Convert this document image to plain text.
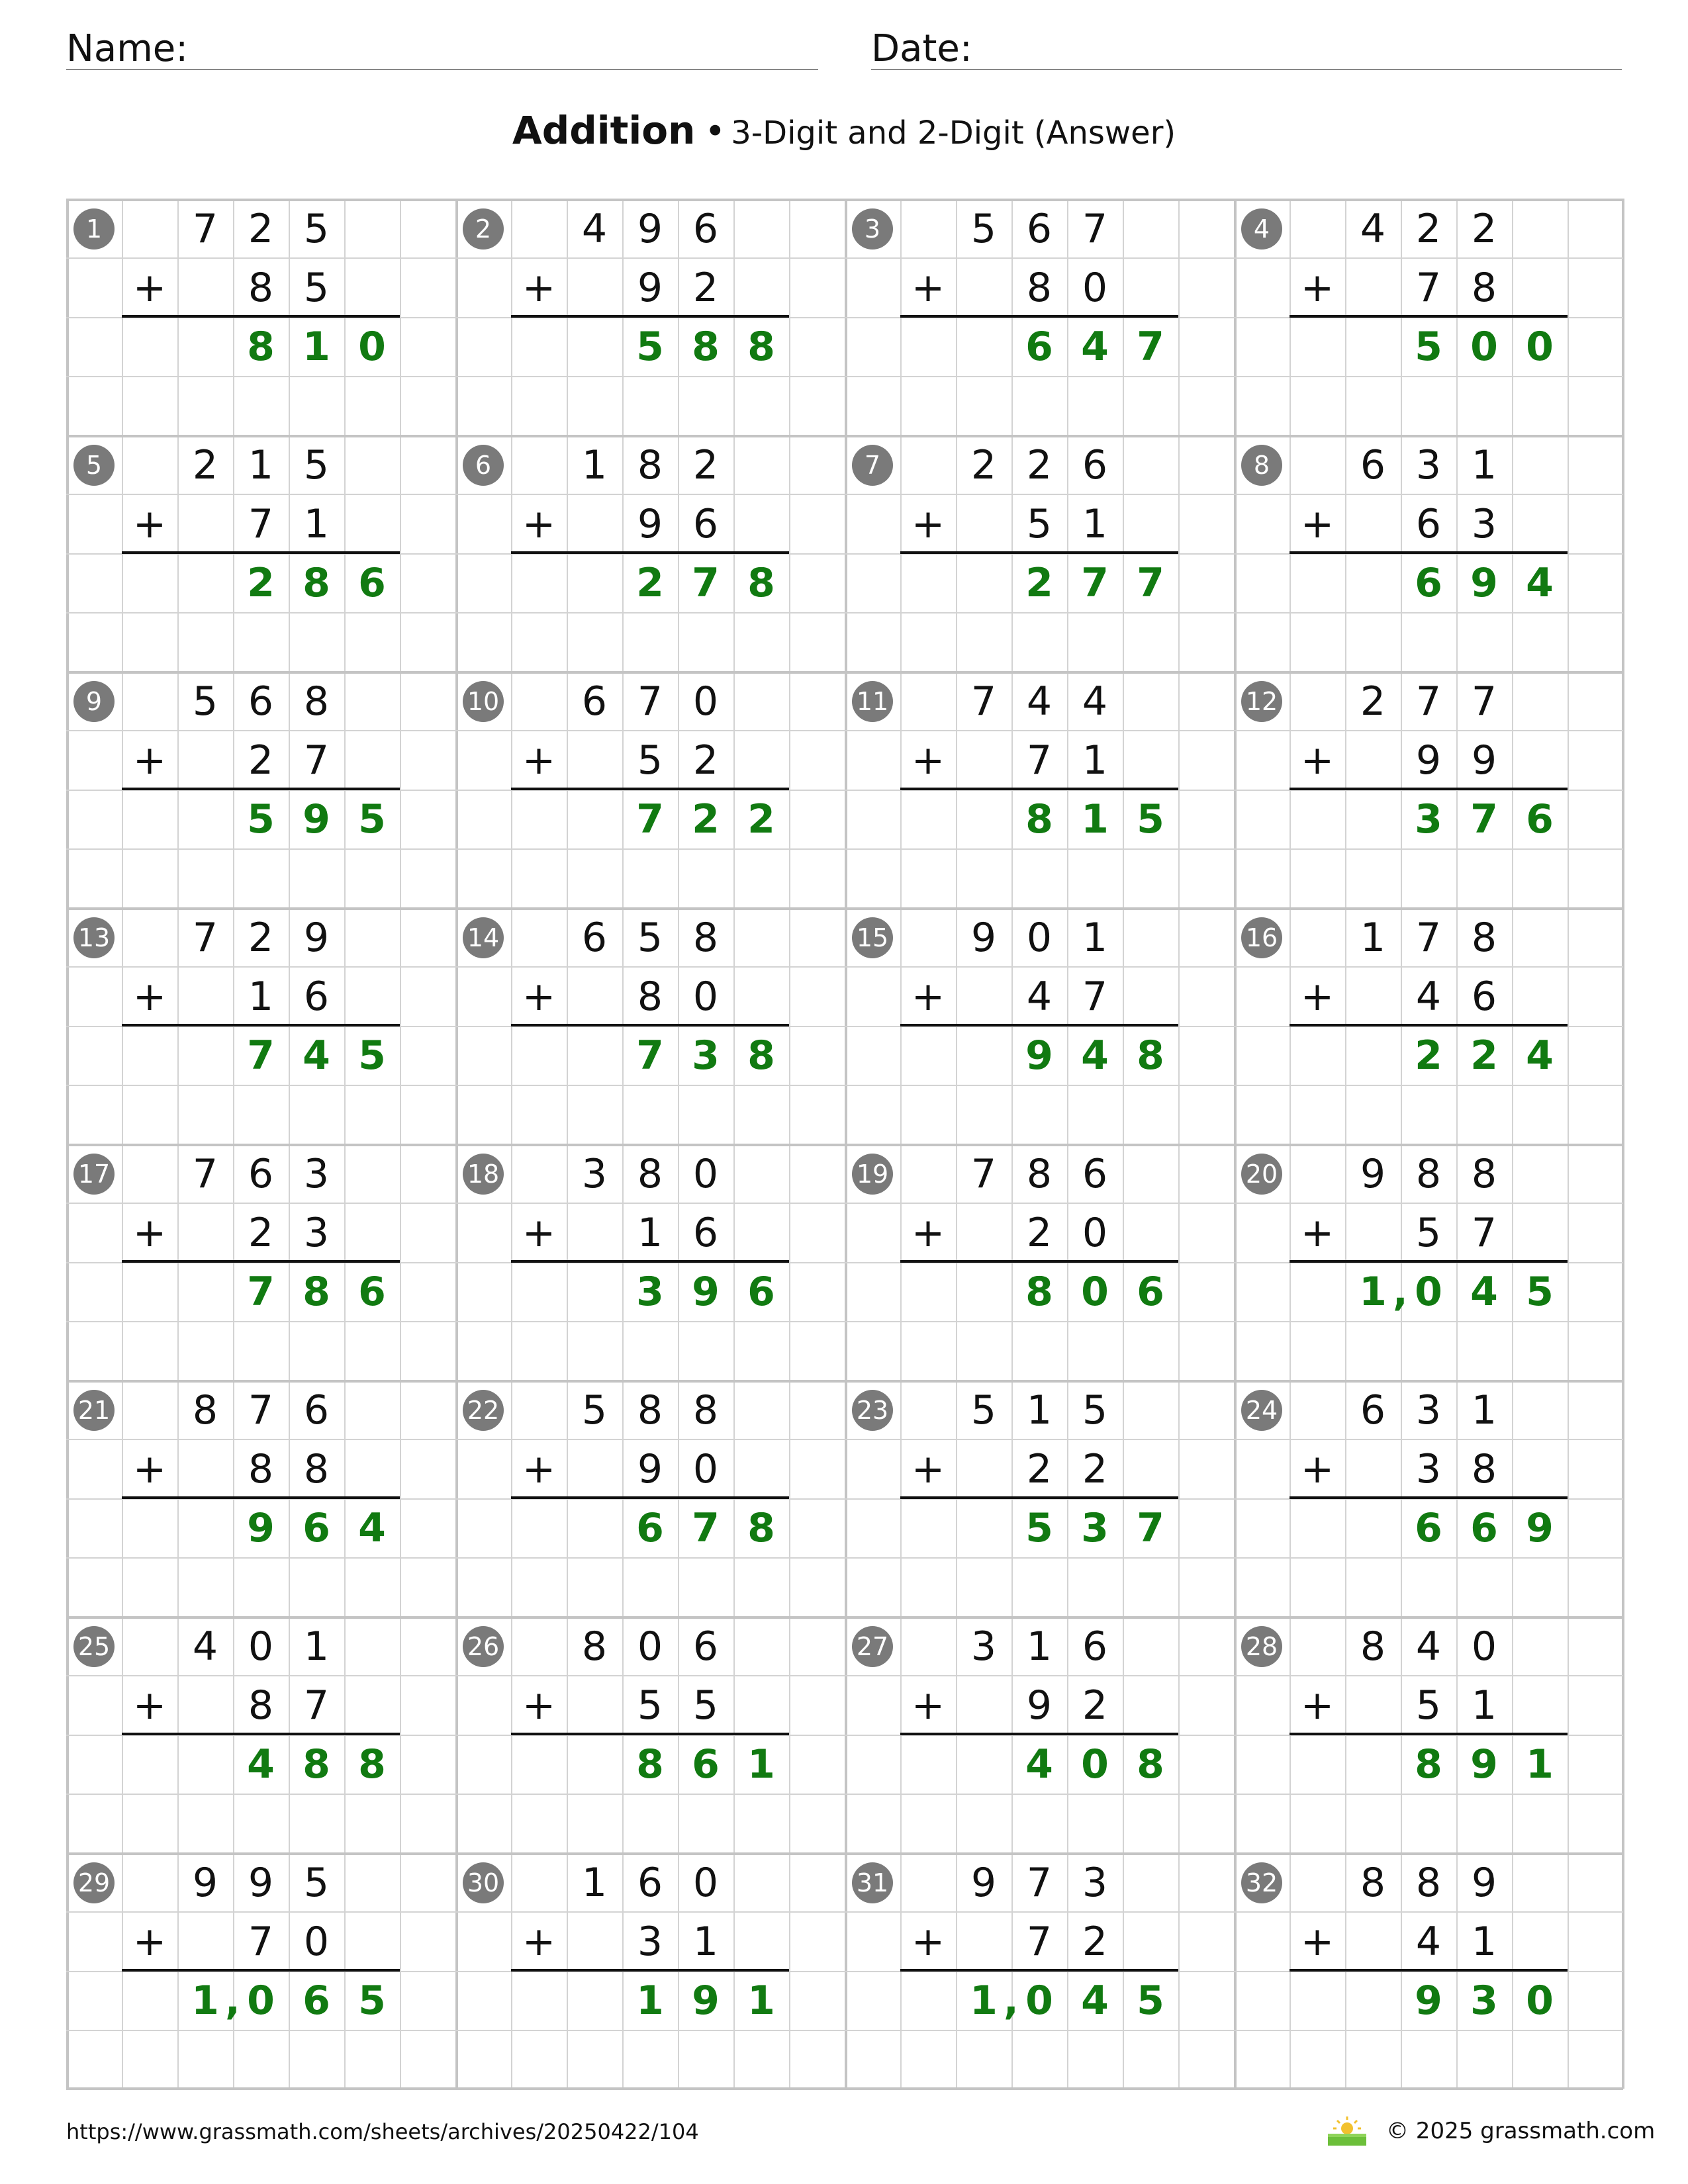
Name:	Date:
Addition • 3-Digit and 2-Digit (Answer)
1	7 2 5
+	8 5
8 1 0
2	4 9 6
+	9 2
5 8 8
3	5 6 7
+	8 0
6 4 7
4	4 2 2
+	7 8
5 0 0
5	2 1 5
+	7 1
2 8 6
6	1 8 2
+	9 6
2 7 8
7	2 2 6
+	5 1
2 7 7
8	6 3 1
+	6 3
6 9 4
9	5 6 8
+	2 7
5 9 5
10	6 7 0
+	5 2
7 2 2
11	7 4 4
+	7 1
8 1 5
12	2 7 7
+	9 9
3 7 6
13	7 2 9
+	1 6
7 4 5
14	6 5 8
+	8 0
7 3 8
15	9 0 1
+	4 7
9 4 8
16	1 7 8
+	4 6
2 2 4
17	7 6 3
+	2 3
7 8 6
18	3 8 0
+	1 6
3 9 6
19	7 8 6
+	2 0
8 0 6
20	9 8 8
+	5 7
1 , 0 4 5
21	8 7 6
+	8 8
9 6 4
22	5 8 8
+	9 0
6 7 8
23	5 1 5
+	2 2
5 3 7
24	6 3 1
+	3 8
6 6 9
25	4 0 1
+	8 7
4 8 8
26	8 0 6
+	5 5
8 6 1
27	3 1 6
+	9 2
4 0 8
28	8 4 0
+	5 1
8 9 1
29	9 9 5
+	7 0
1 , 0 6 5
30	1 6 0
+	3 1
1 9 1
31	9 7 3
+	7 2
1 , 0 4 5
32	8 8 9
+	4 1
9 3 0
https://www.grassmath.com/sheets/archives/20250422/104	© 2025 grassmath.com
